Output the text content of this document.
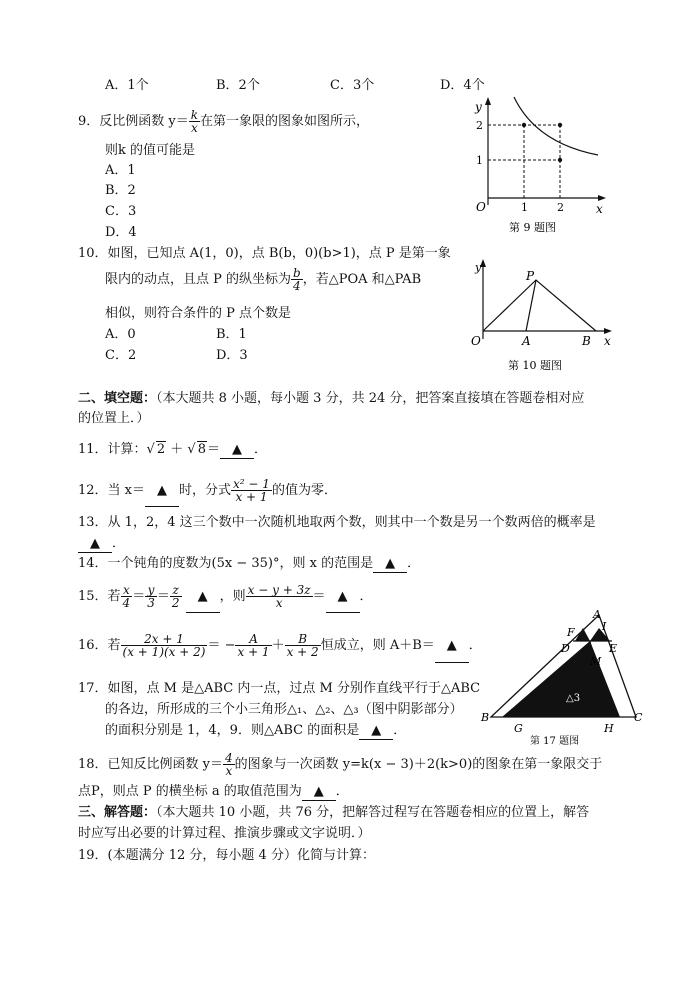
A．1个	B．2个	C．3个	D．4个
9．反比例函数 $y= \frac{k}{x}$ 在第一象限的图象如图所示，
则k 的值可能是
A．1
B．2
C．3
D．4
y
x
O
2
1
1	2
第 9 题图
10．如图，已知点 A(1，0)，点 B(b，0)(b>1)，点 P 是第一象
限内的动点，且点 P 的纵坐标为 $\frac{b}{4}$ ，若△POA 和△PAB
相似，则符合条件的 P 点个数是
A．0	B．1
C．2	D．3
y
x
O	A	B
P
第 10 题图
二、填空题：（本大题共 8 小题，每小题 3 分，共 24 分，把答案直接填在答题卷相对应
的位置上．）
11．计算：√ 2 ＋ √ 8＝ ▲ ．
12．当 x＝ ▲ 时，分式 $\frac{\text{x² − 1}}{x + 1}$ 的值为零．
13．从 1，2，4 这三个数中一次随机地取两个数，则其中一个数是另一个数两倍的概率是
▲ ．
14．一个钝角的度数为(5x − 35)°，则 x 的范围是 ▲ ．
15．若 $\frac{x}{4} = \frac{y}{3} = \frac{z}{2}$ ▲ ，则 $\frac{x - y + 3z}{x}$ ＝ ▲ ．
16．若 $\frac{2x + 1}{(x + 1)(x + 2)}$ ＝ − $\frac{A}{x + 1} + \frac{B}{x + 2}$ 恒成立，则 A＋B＝ ▲ ．
17．如图，点 M 是△ABC 内一点，过点 M 分别作直线平行于△ABC
的各边，所形成的三个小三角形△₁、△₂、△₃（图中阴影部分）
的面积分别是 1，4，9．则△ABC 的面积是 ▲ ．
A
I
F
D	E
M
B	C
G	H
△3
第 17 题图
18．已知反比例函数 $y= \frac{4}{x}$ 的图象与一次函数 y=k(x − 3)＋2(k>0)的图象在第一象限交于
点P，则点 P 的横坐标 a 的取值范围为 ▲ ．
三、解答题：（本大题共 10 小题，共 76 分，把解答过程写在答题卷相应的位置上，解答
时应写出必要的计算过程、推演步骤或文字说明．）
19．(本题满分 12 分，每小题 4 分）化简与计算：
